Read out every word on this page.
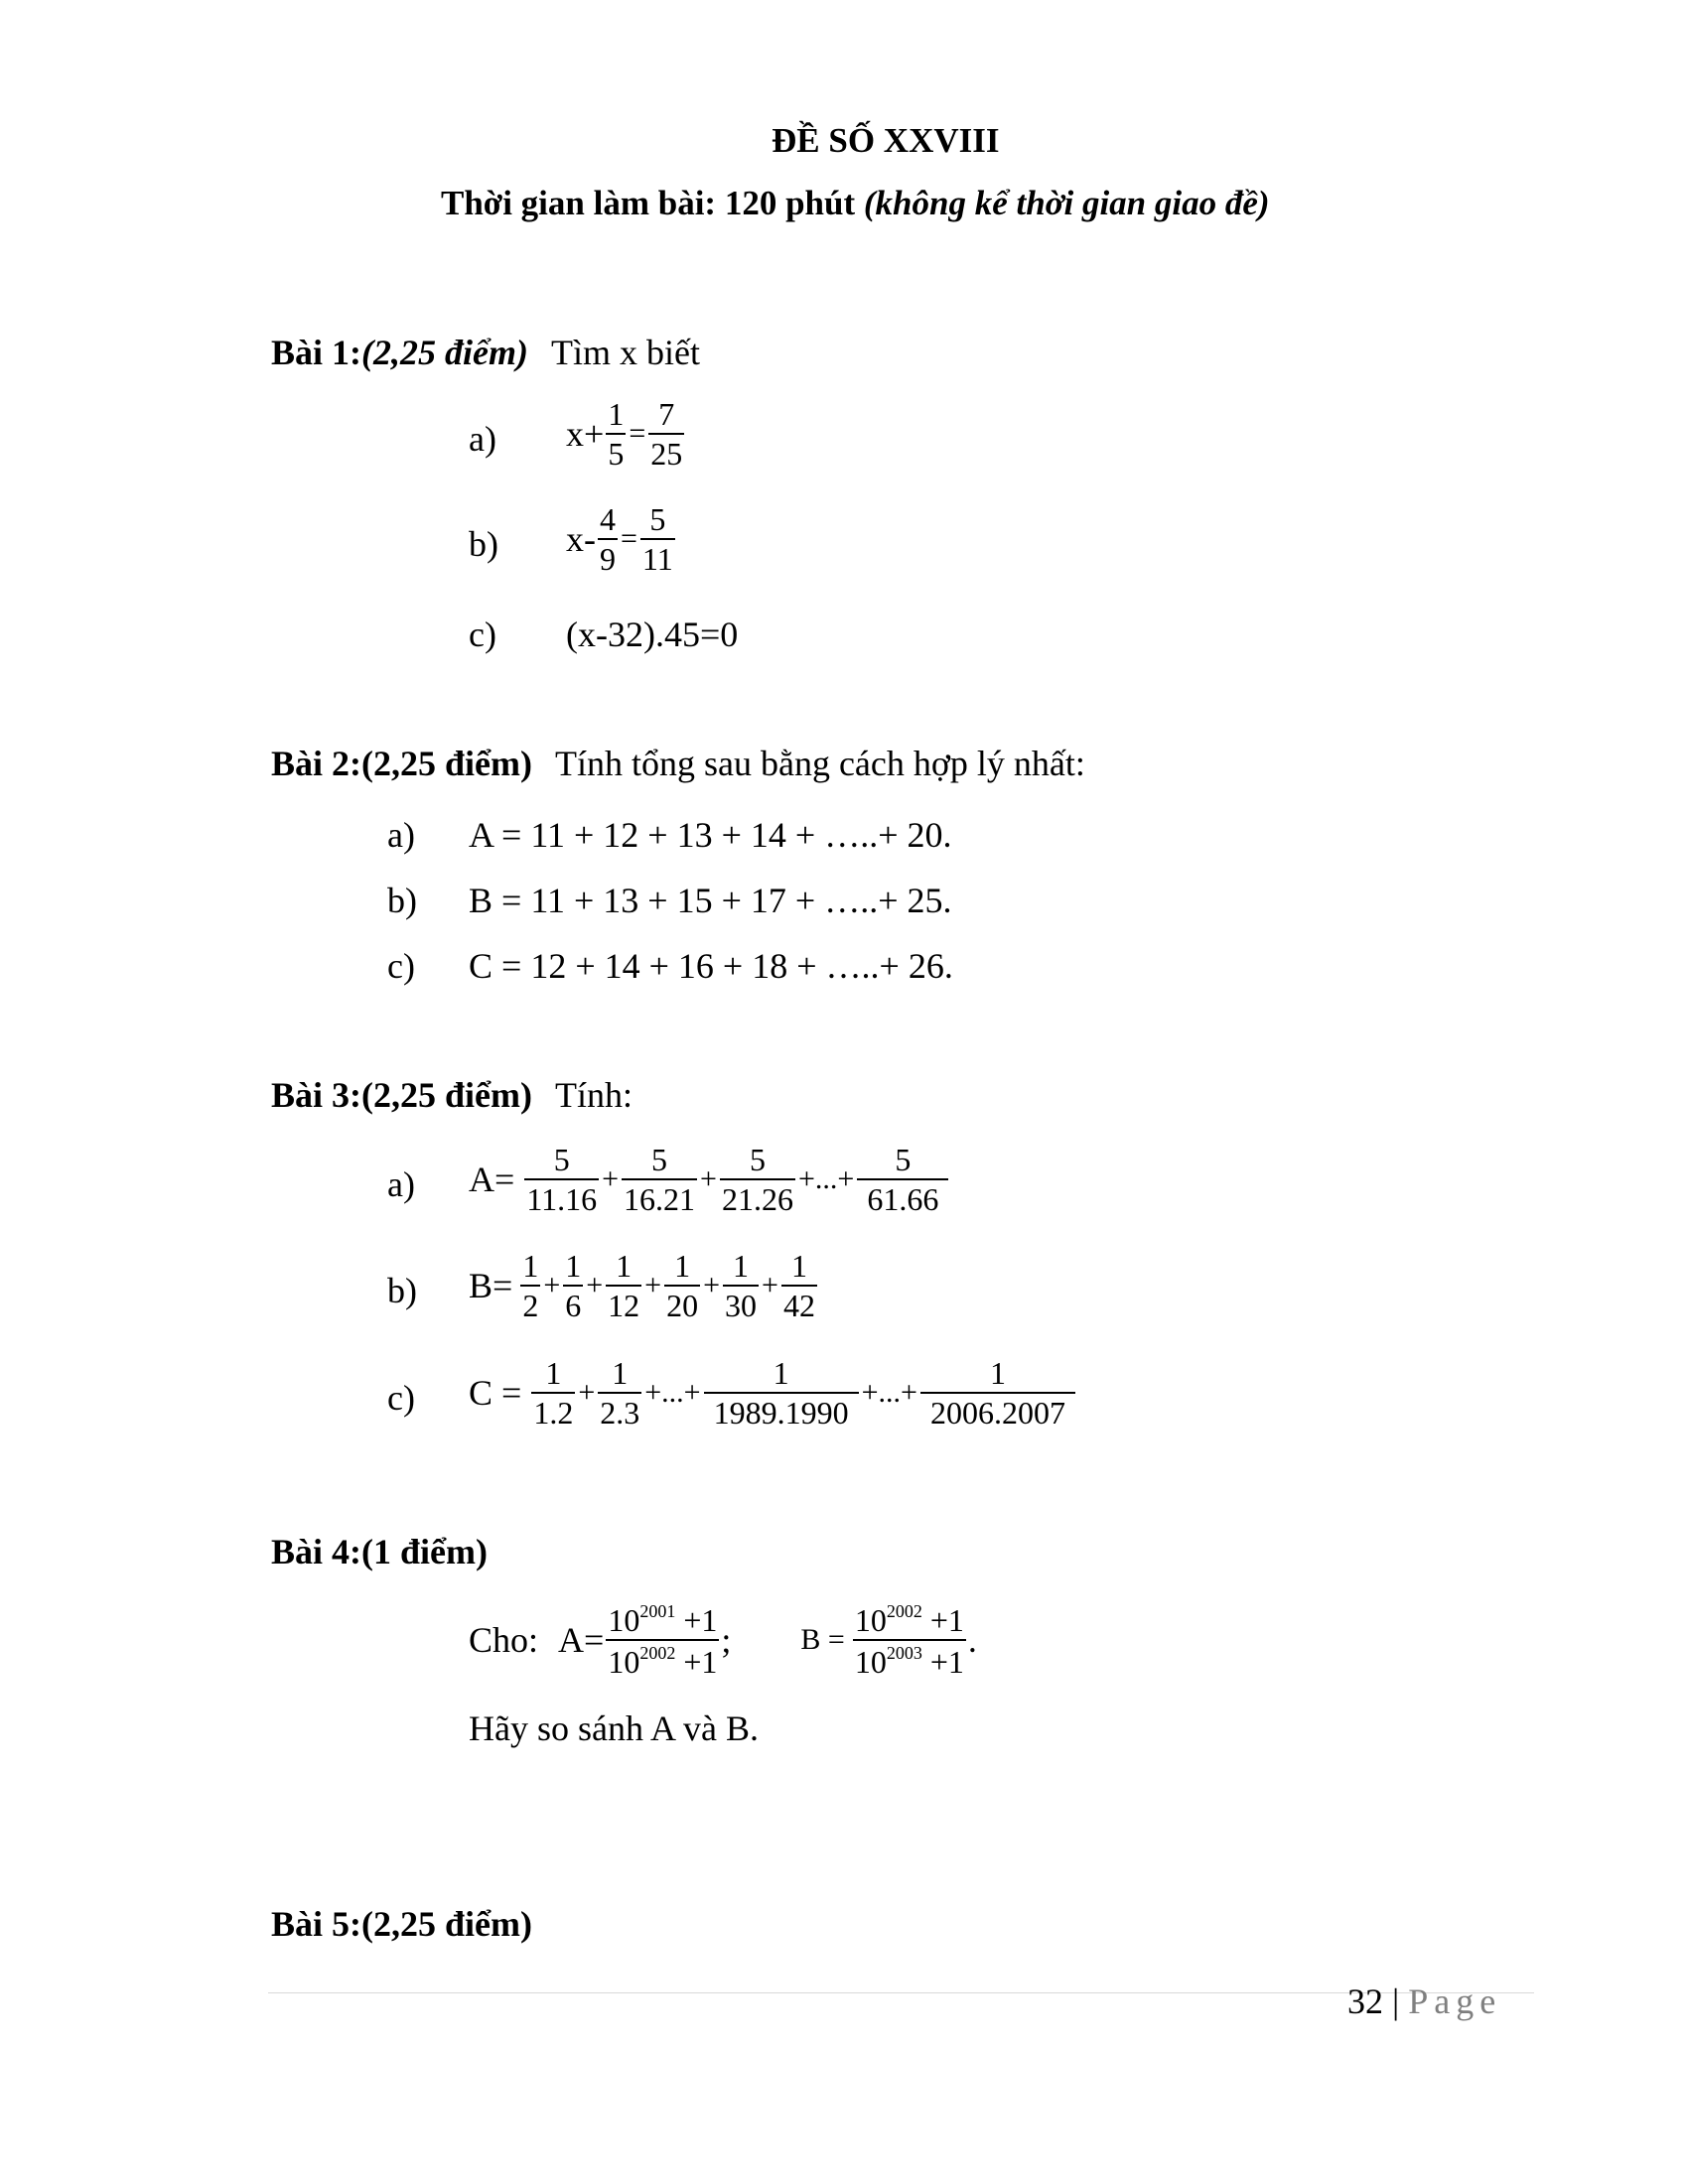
ĐỀ SỐ XXVIII
Thời gian làm bài: 120 phút (không kể thời gian giao đề)
Bài 1:(2,25 điểm) Tìm x biết
a) $x+ \frac{1}{5} = \frac{7}{25}$
b) $x- \frac{4}{9} = \frac{5}{11}$
c) (x-32).45=0
Bài 2:(2,25 điểm) Tính tổng sau bằng cách hợp lý nhất:
a) A = 11 + 12 + 13 + 14 + …..+ 20.
b) B = 11 + 13 + 15 + 17 + …..+ 25.
c) C = 12 + 14 + 16 + 18 + …..+ 26.
Bài 3:(2,25 điểm) Tính:
a) $A= \frac{5}{11.16} + \frac{5}{16.21} + \frac{5}{21.26}$ +...+ $\frac{5}{61.66}$
b) $B= \frac{1}{2} + \frac{1}{6} + \frac{1}{12} + \frac{1}{20} + \frac{1}{30} + \frac{1}{42}$
c) $C = \frac{1}{1.2} + \frac{1}{2.3}$ +...+ $\frac{1}{1989.1990}$ +...+ $\frac{1}{2006.2007}$
Bài 4:(1 điểm)
Cho: $A= \frac{10^{2001} +1}{10^{2002} +1}$ ; $B = \frac{10^{2002} +1}{10^{2003} +1}$ .
Hãy so sánh A và B.
Bài 5:(2,25 điểm)
32 | Page
